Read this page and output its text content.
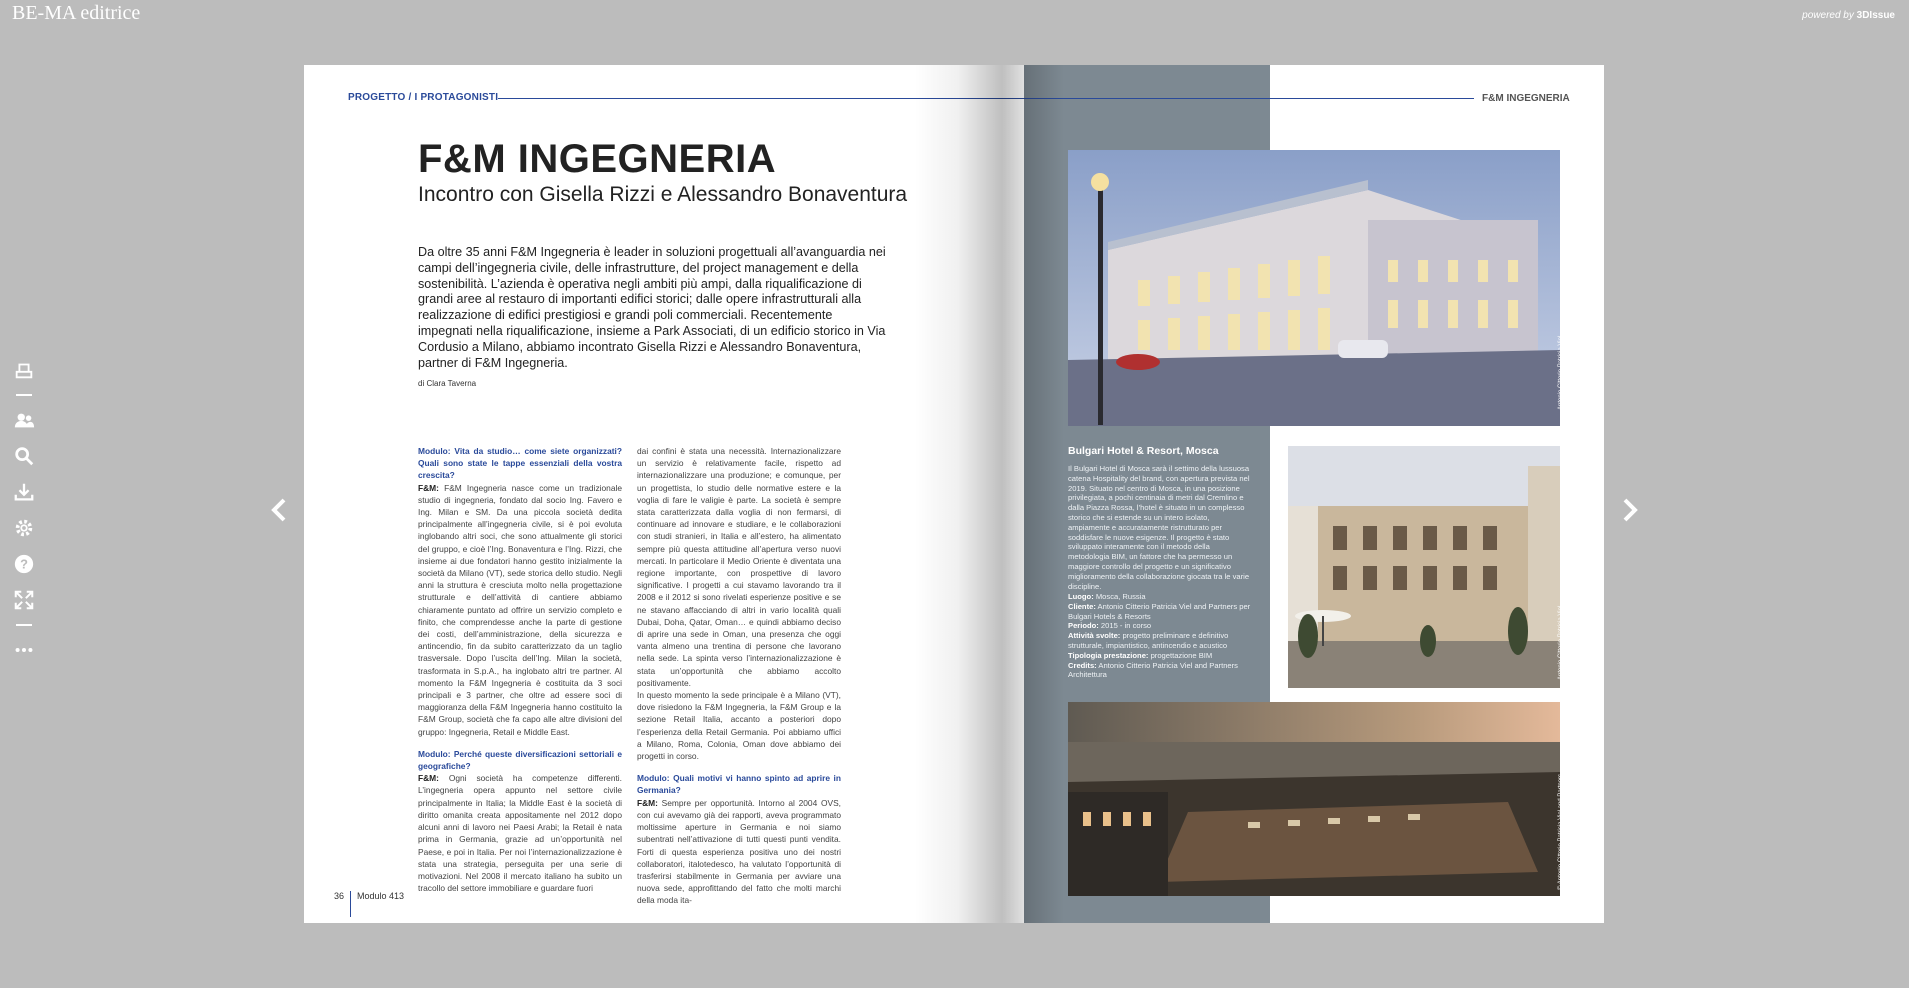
BE-MA editrice	powered by 3DIssue
?
PROGETTO / I PROTAGONISTI
F&M INGEGNERIA
Incontro con Gisella Rizzi e Alessandro Bonaventura
Da oltre 35 anni F&M Ingegneria è leader in soluzioni progettuali all’avanguardia nei campi dell’ingegneria civile, delle infrastrutture, del project management e della sostenibilità. L’azienda è operativa negli ambiti più ampi, dalla riqualificazione di grandi aree al restauro di importanti edifici storici; dalle opere infrastrutturali alla realizzazione di edifici prestigiosi e grandi poli commerciali. Recentemente impegnati nella riqualificazione, insieme a Park Associati, di un edificio storico in Via Cordusio a Milano, abbiamo incontrato Gisella Rizzi e Alessandro Bonaventura, partner di F&M Ingegneria.
di Clara Taverna

Modulo: Vita da studio… come siete organizzati? Quali sono state le tappe essenziali della vostra crescita?
F&M: F&M Ingegneria nasce come un tradizionale studio di ingegneria, fondato dal socio Ing. Favero e Ing. Milan e SM. Da una piccola società dedita principalmente all’ingegneria civile, si è poi evoluta inglobando altri soci, che sono attualmente gli storici del gruppo, e cioè l’Ing. Bonaventura e l’Ing. Rizzi, che insieme ai due fondatori hanno gestito inizialmente la società da Milano (VT), sede storica dello studio. Negli anni la struttura è cresciuta molto nella progettazione strutturale e dell’attività di cantiere abbiamo chiaramente puntato ad offrire un servizio completo e finito, che comprendesse anche la parte di gestione dei costi, dell’amministrazione, della sicurezza e antincendio, fin da subito caratterizzato da un taglio trasversale. Dopo l’uscita dell’Ing. Milan la società, trasformata in S.p.A., ha inglobato altri tre partner. Al momento la F&M Ingegneria è costituita da 3 soci principali e 3 partner, che oltre ad essere soci di maggioranza della F&M Ingegneria hanno costituito la F&M Group, società che fa capo alle altre divisioni del gruppo: Ingegneria, Retail e Middle East.

Modulo: Perché queste diversificazioni settoriali e geografiche?
F&M: Ogni società ha competenze differenti. L’ingegneria opera appunto nel settore civile principalmente in Italia; la Middle East è la società di diritto omanita creata appositamente nel 2012 dopo alcuni anni di lavoro nei Paesi Arabi; la Retail è nata prima in Germania, grazie ad un’opportunità nel Paese, e poi in Italia. Per noi l’internazionalizzazione è stata una strategia, perseguita per una serie di motivazioni. Nel 2008 il mercato italiano ha subito un tracollo del settore immobiliare e guardare fuori

dai confini è stata una necessità. Internazionalizzare un servizio è relativamente facile, rispetto ad internazionalizzare una produzione; e comunque, per un progettista, lo studio delle normative estere e la voglia di fare le valigie è parte. La società è sempre stata caratterizzata dalla voglia di non fermarsi, di continuare ad innovare e studiare, e le collaborazioni con studi stranieri, in Italia e all’estero, ha alimentato sempre più questa attitudine all’apertura verso nuovi mercati. In particolare il Medio Oriente è diventata una regione importante, con prospettive di lavoro significative. I progetti a cui stavamo lavorando tra il 2008 e il 2012 si sono rivelati esperienze positive e se ne stavano affacciando di altri in vario località quali Dubai, Doha, Qatar, Oman… e quindi abbiamo deciso di aprire una sede in Oman, una presenza che oggi vanta almeno una trentina di persone che lavorano nella sede. La spinta verso l’internazionalizzazione è stata un’opportunità che abbiamo accolto positivamente.

In questo momento la sede principale è a Milano (VT), dove risiedono la F&M Ingegneria, la F&M Group e la sezione Retail Italia, accanto a posteriori dopo l’esperienza della Retail Germania. Poi abbiamo uffici a Milano, Roma, Colonia, Oman dove abbiamo dei progetti in corso.

Modulo: Quali motivi vi hanno spinto ad aprire in Germania?
F&M: Sempre per opportunità. Intorno al 2004 OVS, con cui avevamo già dei rapporti, aveva programmato moltissime aperture in Germania e noi siamo subentrati nell’attivazione di tutti questi punti vendita. Forti di questa esperienza positiva uno dei nostri collaboratori, italotedesco, ha valutato l’opportunità di trasferirsi stabilmente in Germania per avviare una nuova sede, approfittando del fatto che molti marchi della moda ita-

36 Modulo 413
F&M INGEGNERIA
Antonio Citterio Patricia Viel
Bulgari Hotel & Resort, Mosca
Il Bulgari Hotel di Mosca sarà il settimo della lussuosa catena Hospitality del brand, con apertura prevista nel 2019. Situato nel centro di Mosca, in una posizione privilegiata, a pochi centinaia di metri dal Cremlino e dalla Piazza Rossa, l’hotel è situato in un complesso storico che si estende su un intero isolato, ampiamente e accuratamente ristrutturato per soddisfare le nuove esigenze. Il progetto è stato sviluppato interamente con il metodo della metodologia BIM, un fattore che ha permesso un maggiore controllo del progetto e un significativo miglioramento della collaborazione giocata tra le varie discipline.
Luogo: Mosca, Russia
Cliente: Antonio Citterio Patricia Viel and Partners per Bulgari Hotels & Resorts
Periodo: 2015 - in corso
Attività svolte: progetto preliminare e definitivo strutturale, impiantistico, antincendio e acustico
Tipologia prestazione: progettazione BIM
Credits: Antonio Citterio Patricia Viel and Partners Architettura	Antonio Citterio Patricia Viel
© Antonio Citterio Patricia Viel and Partners
